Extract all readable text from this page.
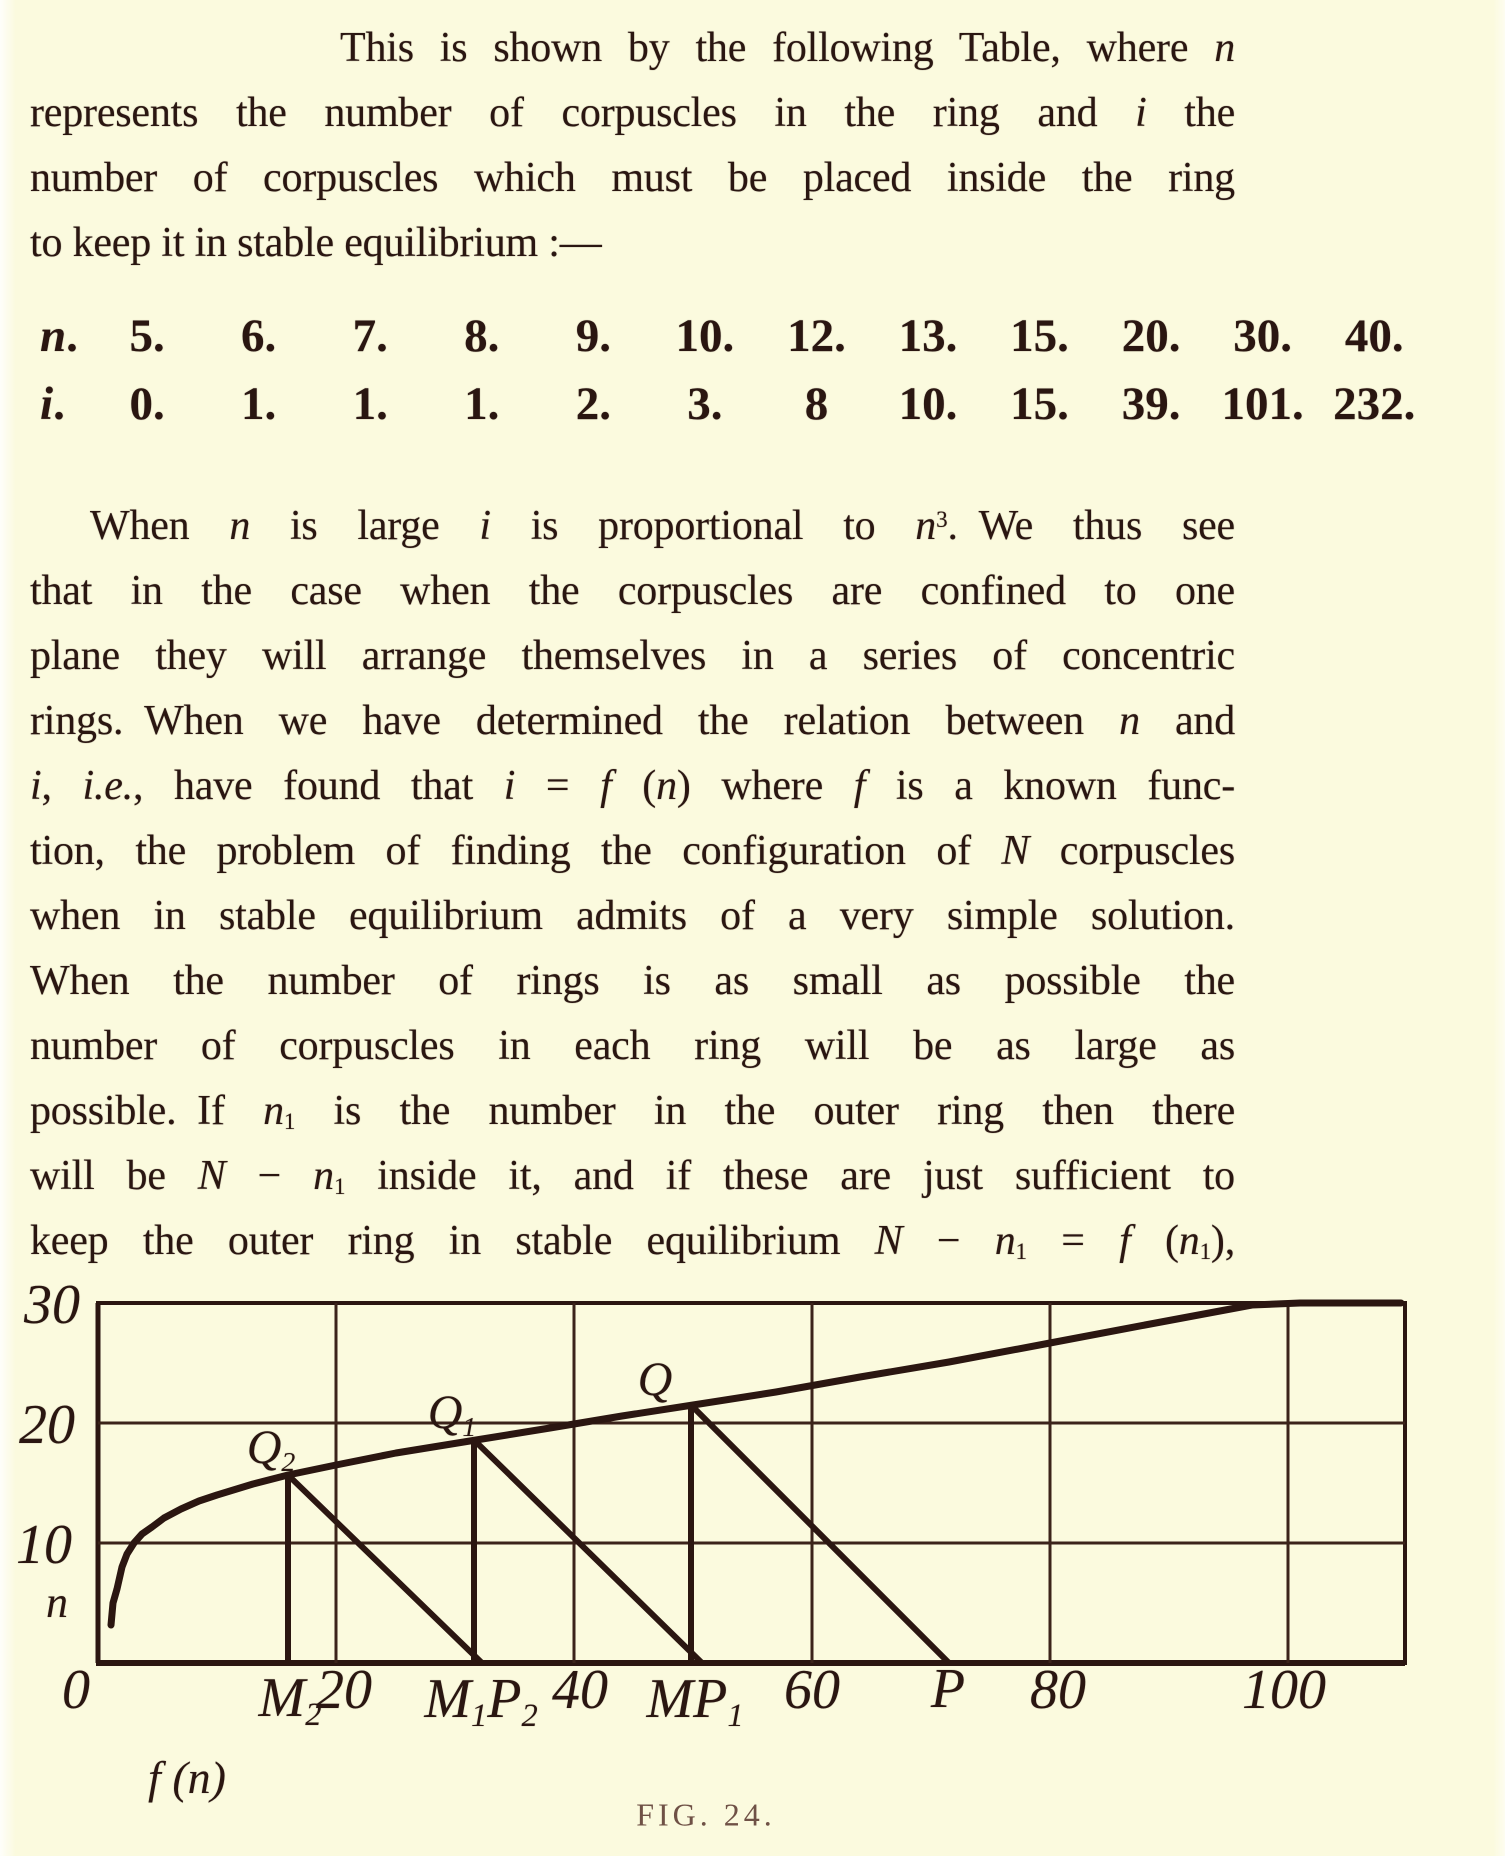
This is shown by the following Table, where n
represents the number of corpuscles in the ring and i the
number of corpuscles which must be placed inside the ring
to keep it in stable equilibrium :—
n.	5.	6.	7.	8.	9.	10.	12.	13.	15.	20.	30.	40.
i.	0.	1.	1.	1.	2.	3.	8	10.	15.	39. 101. 232.
When n is large i is proportional to $n^3$. We thus see
that in the case when the corpuscles are confined to one
plane they will arrange themselves in a series of concentric
rings. When we have determined the relation between n and
i, i.e., have found that i = f (n) where f is a known func-
tion, the problem of finding the configuration of N corpuscles
when in stable equilibrium admits of a very simple solution.
When the number of rings is as small as possible the
number of corpuscles in each ring will be as large as
possible. If $n_1$ is the number in the outer ring then there
will be $N - n_1$ inside it, and if these are just sufficient to
keep the outer ring in stable equilibrium $N - n_1 = f$ $(n_1)$,
30
20
10
n
0	$M_2$
20 $M_1P_2$ 40 $MP_1$ 60 P 80	100
$Q_2$
$Q_1$
Q
f (n)
FIG. 24.
